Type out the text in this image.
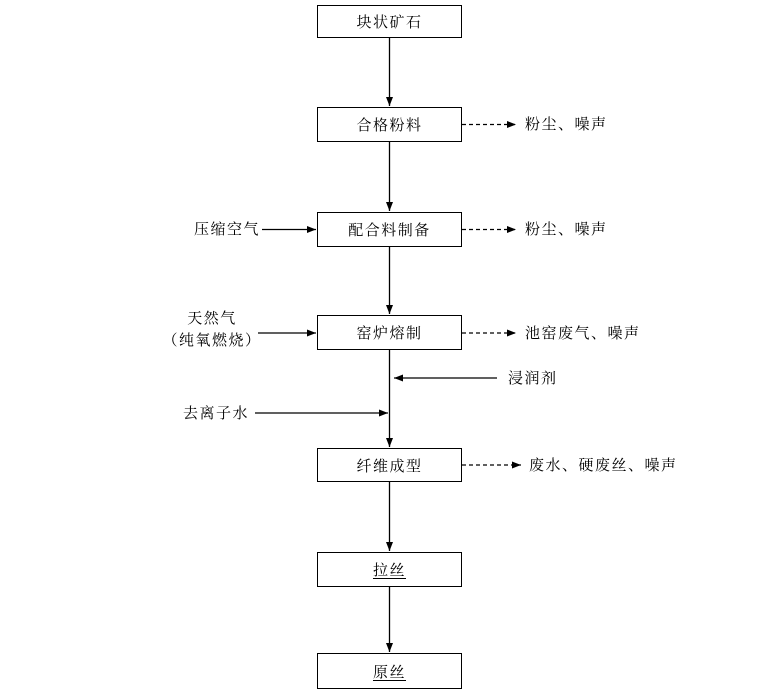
块状矿石
合格粉料
配合料制备
窑炉熔制
纤维成型
拉丝
原丝
压缩空气
天然气
（纯氧燃烧）
去离子水
浸润剂
粉尘、噪声
粉尘、噪声
池窑废气、噪声
废水、硬废丝、噪声
